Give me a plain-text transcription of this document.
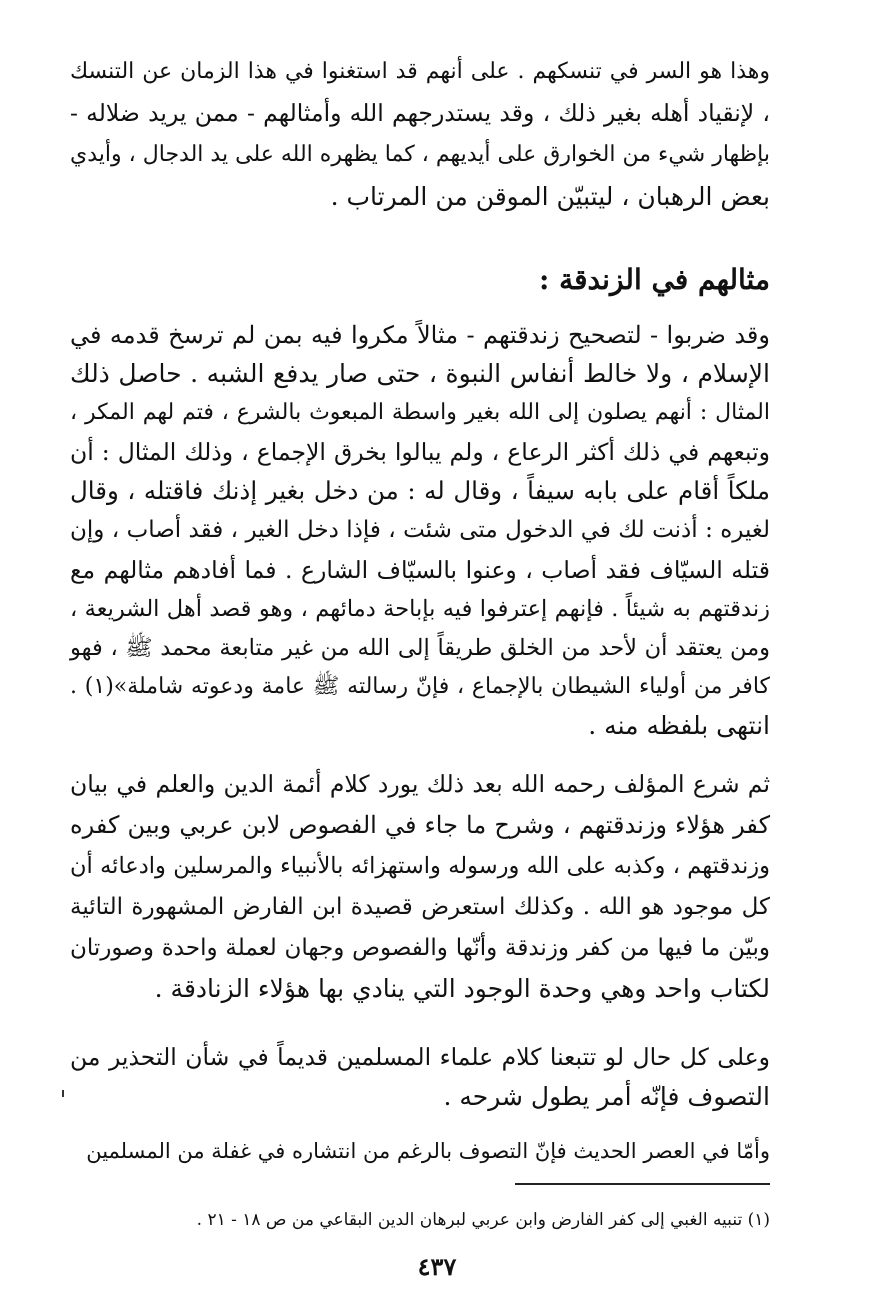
وهذا هو السر في تنسكهم . على أنهم قد استغنوا في هذا الزمان عن التنسك
، لإنقياد أهله بغير ذلك ، وقد يستدرجهم الله وأمثالهم - ممن يريد ضلاله -
بإظهار شيء من الخوارق على أيديهم ، كما يظهره الله على يد الدجال ، وأيدي
بعض الرهبان ، ليتبيّن الموقن من المرتاب .
مثالهم في الزندقة :
وقد ضربوا - لتصحيح زندقتهم - مثالاً مكروا فيه بمن لم ترسخ قدمه في
الإسلام ، ولا خالط أنفاس النبوة ، حتى صار يدفع الشبه . حاصل ذلك
المثال : أنهم يصلون إلى الله بغير واسطة المبعوث بالشرع ، فتم لهم المكر ،
وتبعهم في ذلك أكثر الرعاع ، ولم يبالوا بخرق الإجماع ، وذلك المثال : أن
ملكاً أقام على بابه سيفاً ، وقال له : من دخل بغير إذنك فاقتله ، وقال
لغيره : أذنت لك في الدخول متى شئت ، فإذا دخل الغير ، فقد أصاب ، وإن
قتله السيّاف فقد أصاب ، وعنوا بالسيّاف الشارع . فما أفادهم مثالهم مع
زندقتهم به شيئاً . فإنهم إعترفوا فيه بإباحة دمائهم ، وهو قصد أهل الشريعة ،
ومن يعتقد أن لأحد من الخلق طريقاً إلى الله من غير متابعة محمد ﷺ ، فهو
كافر من أولياء الشيطان بالإجماع ، فإنّ رسالته ﷺ عامة ودعوته شاملة»(١) .
انتهى بلفظه منه .
ثم شرع المؤلف رحمه الله بعد ذلك يورد كلام أئمة الدين والعلم في بيان
كفر هؤلاء وزندقتهم ، وشرح ما جاء في الفصوص لابن عربي وبين كفره
وزندقتهم ، وكذبه على الله ورسوله واستهزائه بالأنبياء والمرسلين وادعائه أن
كل موجود هو الله . وكذلك استعرض قصيدة ابن الفارض المشهورة التائية
وبيّن ما فيها من كفر وزندقة وأنّها والفصوص وجهان لعملة واحدة وصورتان
لكتاب واحد وهي وحدة الوجود التي ينادي بها هؤلاء الزنادقة .
وعلى كل حال لو تتبعنا كلام علماء المسلمين قديماً في شأن التحذير من
التصوف فإنّه أمر يطول شرحه .
وأمّا في العصر الحديث فإنّ التصوف بالرغم من انتشاره في غفلة من المسلمين
(١) تنبيه الغبي إلى كفر الفارض وابن عربي لبرهان الدين البقاعي من ص ١٨ - ٢١ .
٤٣٧
